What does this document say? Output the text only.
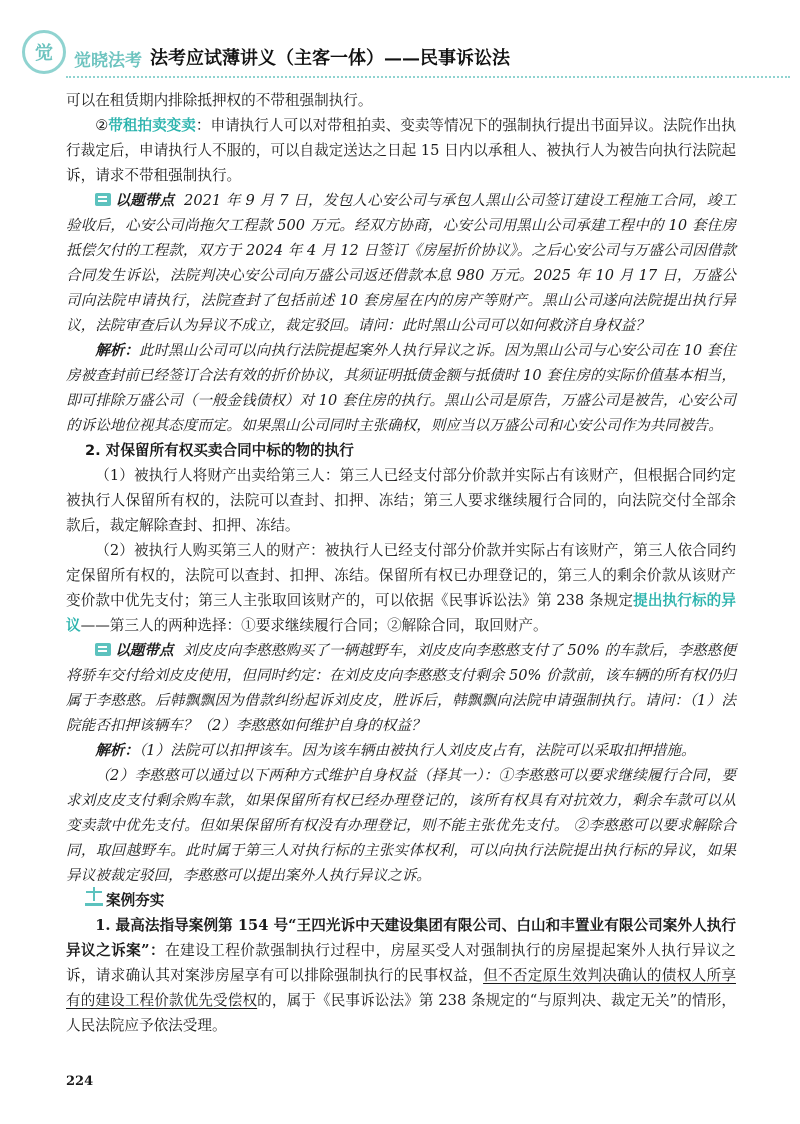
觉 觉晓法考 法考应试薄讲义（主客一体）——民事诉讼法

可以在租赁期内排除抵押权的不带租强制执行。

②带租拍卖变卖：申请执行人可以对带租拍卖、变卖等情况下的强制执行提出书面异议。法院作出执行裁定后，申请执行人不服的，可以自裁定送达之日起 15 日内以承租人、被执行人为被告向执行法院起诉，请求不带租强制执行。

以题带点 2021 年 9 月 7 日，发包人心安公司与承包人黑山公司签订建设工程施工合同，竣工验收后，心安公司尚拖欠工程款 500 万元。经双方协商，心安公司用黑山公司承建工程中的 10 套住房抵偿欠付的工程款，双方于 2024 年 4 月 12 日签订《房屋折价协议》。之后心安公司与万盛公司因借款合同发生诉讼，法院判决心安公司向万盛公司返还借款本息 980 万元。2025 年 10 月 17 日，万盛公司向法院申请执行，法院查封了包括前述 10 套房屋在内的房产等财产。黑山公司遂向法院提出执行异议，法院审查后认为异议不成立，裁定驳回。请问：此时黑山公司可以如何救济自身权益？

解析：此时黑山公司可以向执行法院提起案外人执行异议之诉。因为黑山公司与心安公司在 10 套住房被查封前已经签订合法有效的折价协议，其须证明抵债金额与抵债时 10 套住房的实际价值基本相当，即可排除万盛公司（一般金钱债权）对 10 套住房的执行。黑山公司是原告，万盛公司是被告，心安公司的诉讼地位视其态度而定。如果黑山公司同时主张确权，则应当以万盛公司和心安公司作为共同被告。

2. 对保留所有权买卖合同中标的物的执行

（1）被执行人将财产出卖给第三人：第三人已经支付部分价款并实际占有该财产，但根据合同约定被执行人保留所有权的，法院可以查封、扣押、冻结；第三人要求继续履行合同的，向法院交付全部余款后，裁定解除查封、扣押、冻结。

（2）被执行人购买第三人的财产：被执行人已经支付部分价款并实际占有该财产，第三人依合同约定保留所有权的，法院可以查封、扣押、冻结。保留所有权已办理登记的，第三人的剩余价款从该财产变价款中优先支付；第三人主张取回该财产的，可以依据《民事诉讼法》第 238 条规定提出执行标的异议——第三人的两种选择：①要求继续履行合同；②解除合同，取回财产。

以题带点 刘皮皮向李憨憨购买了一辆越野车，刘皮皮向李憨憨支付了 50% 的车款后，李憨憨便将骄车交付给刘皮皮使用，但同时约定：在刘皮皮向李憨憨支付剩余 50% 价款前，该车辆的所有权仍归属于李憨憨。后韩飘飘因为借款纠纷起诉刘皮皮，胜诉后，韩飘飘向法院申请强制执行。请问：（1）法院能否扣押该辆车？（2）李憨憨如何维护自身的权益？

解析：（1）法院可以扣押该车。因为该车辆由被执行人刘皮皮占有，法院可以采取扣押措施。

（2）李憨憨可以通过以下两种方式维护自身权益（择其一）：①李憨憨可以要求继续履行合同，要求刘皮皮支付剩余购车款，如果保留所有权已经办理登记的，该所有权具有对抗效力，剩余车款可以从变卖款中优先支付。但如果保留所有权没有办理登记，则不能主张优先支付。 ②李憨憨可以要求解除合同，取回越野车。此时属于第三人对执行标的主张实体权利，可以向执行法院提出执行标的异议，如果异议被裁定驳回，李憨憨可以提出案外人执行异议之诉。

案例夯实

1. 最高法指导案例第 154 号“王四光诉中天建设集团有限公司、白山和丰置业有限公司案外人执行异议之诉案”：在建设工程价款强制执行过程中，房屋买受人对强制执行的房屋提起案外人执行异议之诉，请求确认其对案涉房屋享有可以排除强制执行的民事权益，但不否定原生效判决确认的债权人所享有的建设工程价款优先受偿权的，属于《民事诉讼法》第 238 条规定的“与原判决、裁定无关”的情形，人民法院应予依法受理。

224
